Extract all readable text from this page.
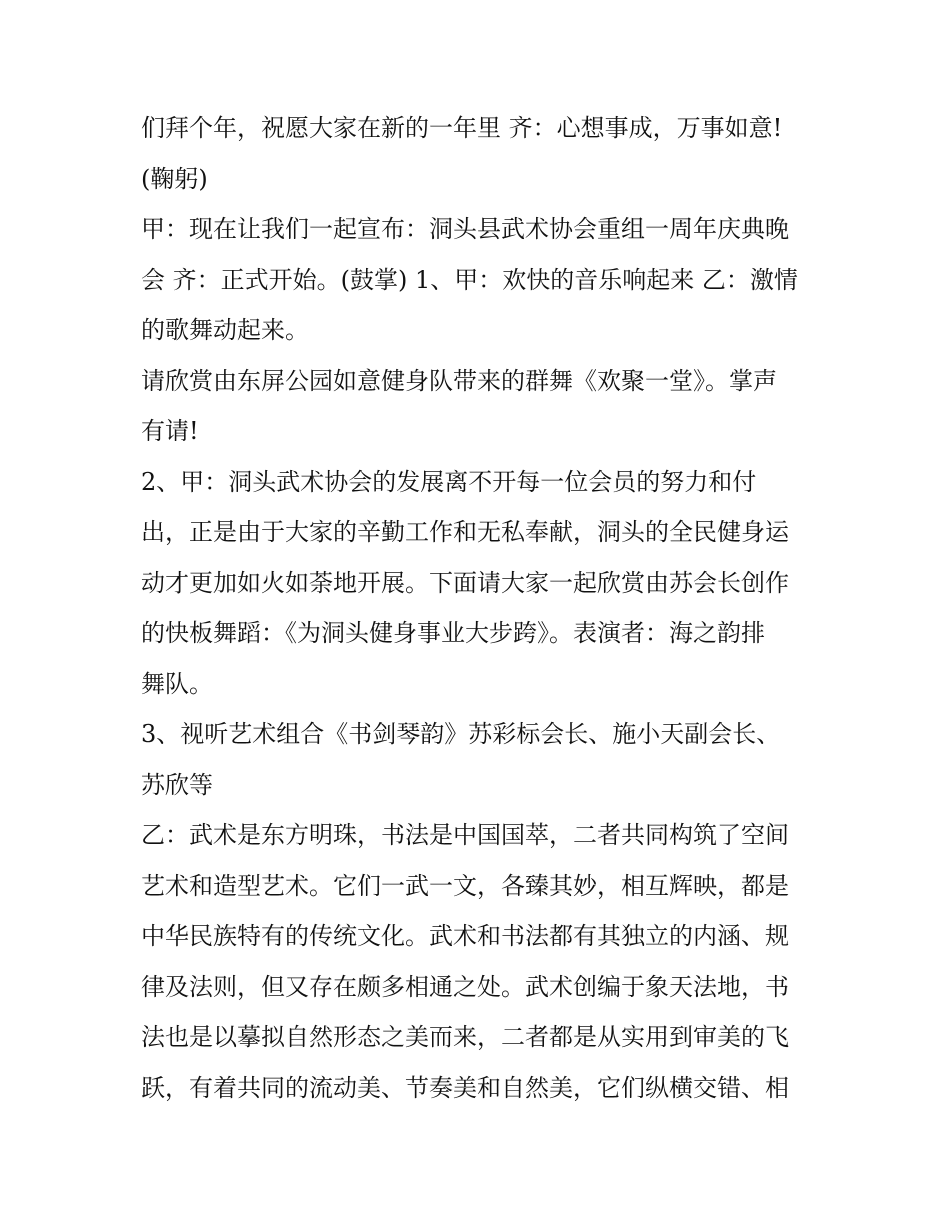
们拜个年，祝愿大家在新的一年里 齐：心想事成，万事如意!

(鞠躬)

甲：现在让我们一起宣布：洞头县武术协会重组一周年庆典晚

会 齐：正式开始。(鼓掌) 1、甲：欢快的音乐响起来 乙：激情

的歌舞动起来。

请欣赏由东屏公园如意健身队带来的群舞《欢聚一堂》。掌声

有请!

2、甲：洞头武术协会的发展离不开每一位会员的努力和付

出，正是由于大家的辛勤工作和无私奉献，洞头的全民健身运

动才更加如火如荼地开展。下面请大家一起欣赏由苏会长创作

的快板舞蹈：《为洞头健身事业大步跨》。表演者：海之韵排

舞队。

3、视听艺术组合《书剑琴韵》苏彩标会长、施小天副会长、

苏欣等

乙：武术是东方明珠，书法是中国国萃，二者共同构筑了空间

艺术和造型艺术。它们一武一文，各臻其妙，相互辉映，都是

中华民族特有的传统文化。武术和书法都有其独立的内涵、规

律及法则，但又存在颇多相通之处。武术创编于象天法地，书

法也是以摹拟自然形态之美而来，二者都是从实用到审美的飞

跃，有着共同的流动美、节奏美和自然美，它们纵横交错、相
